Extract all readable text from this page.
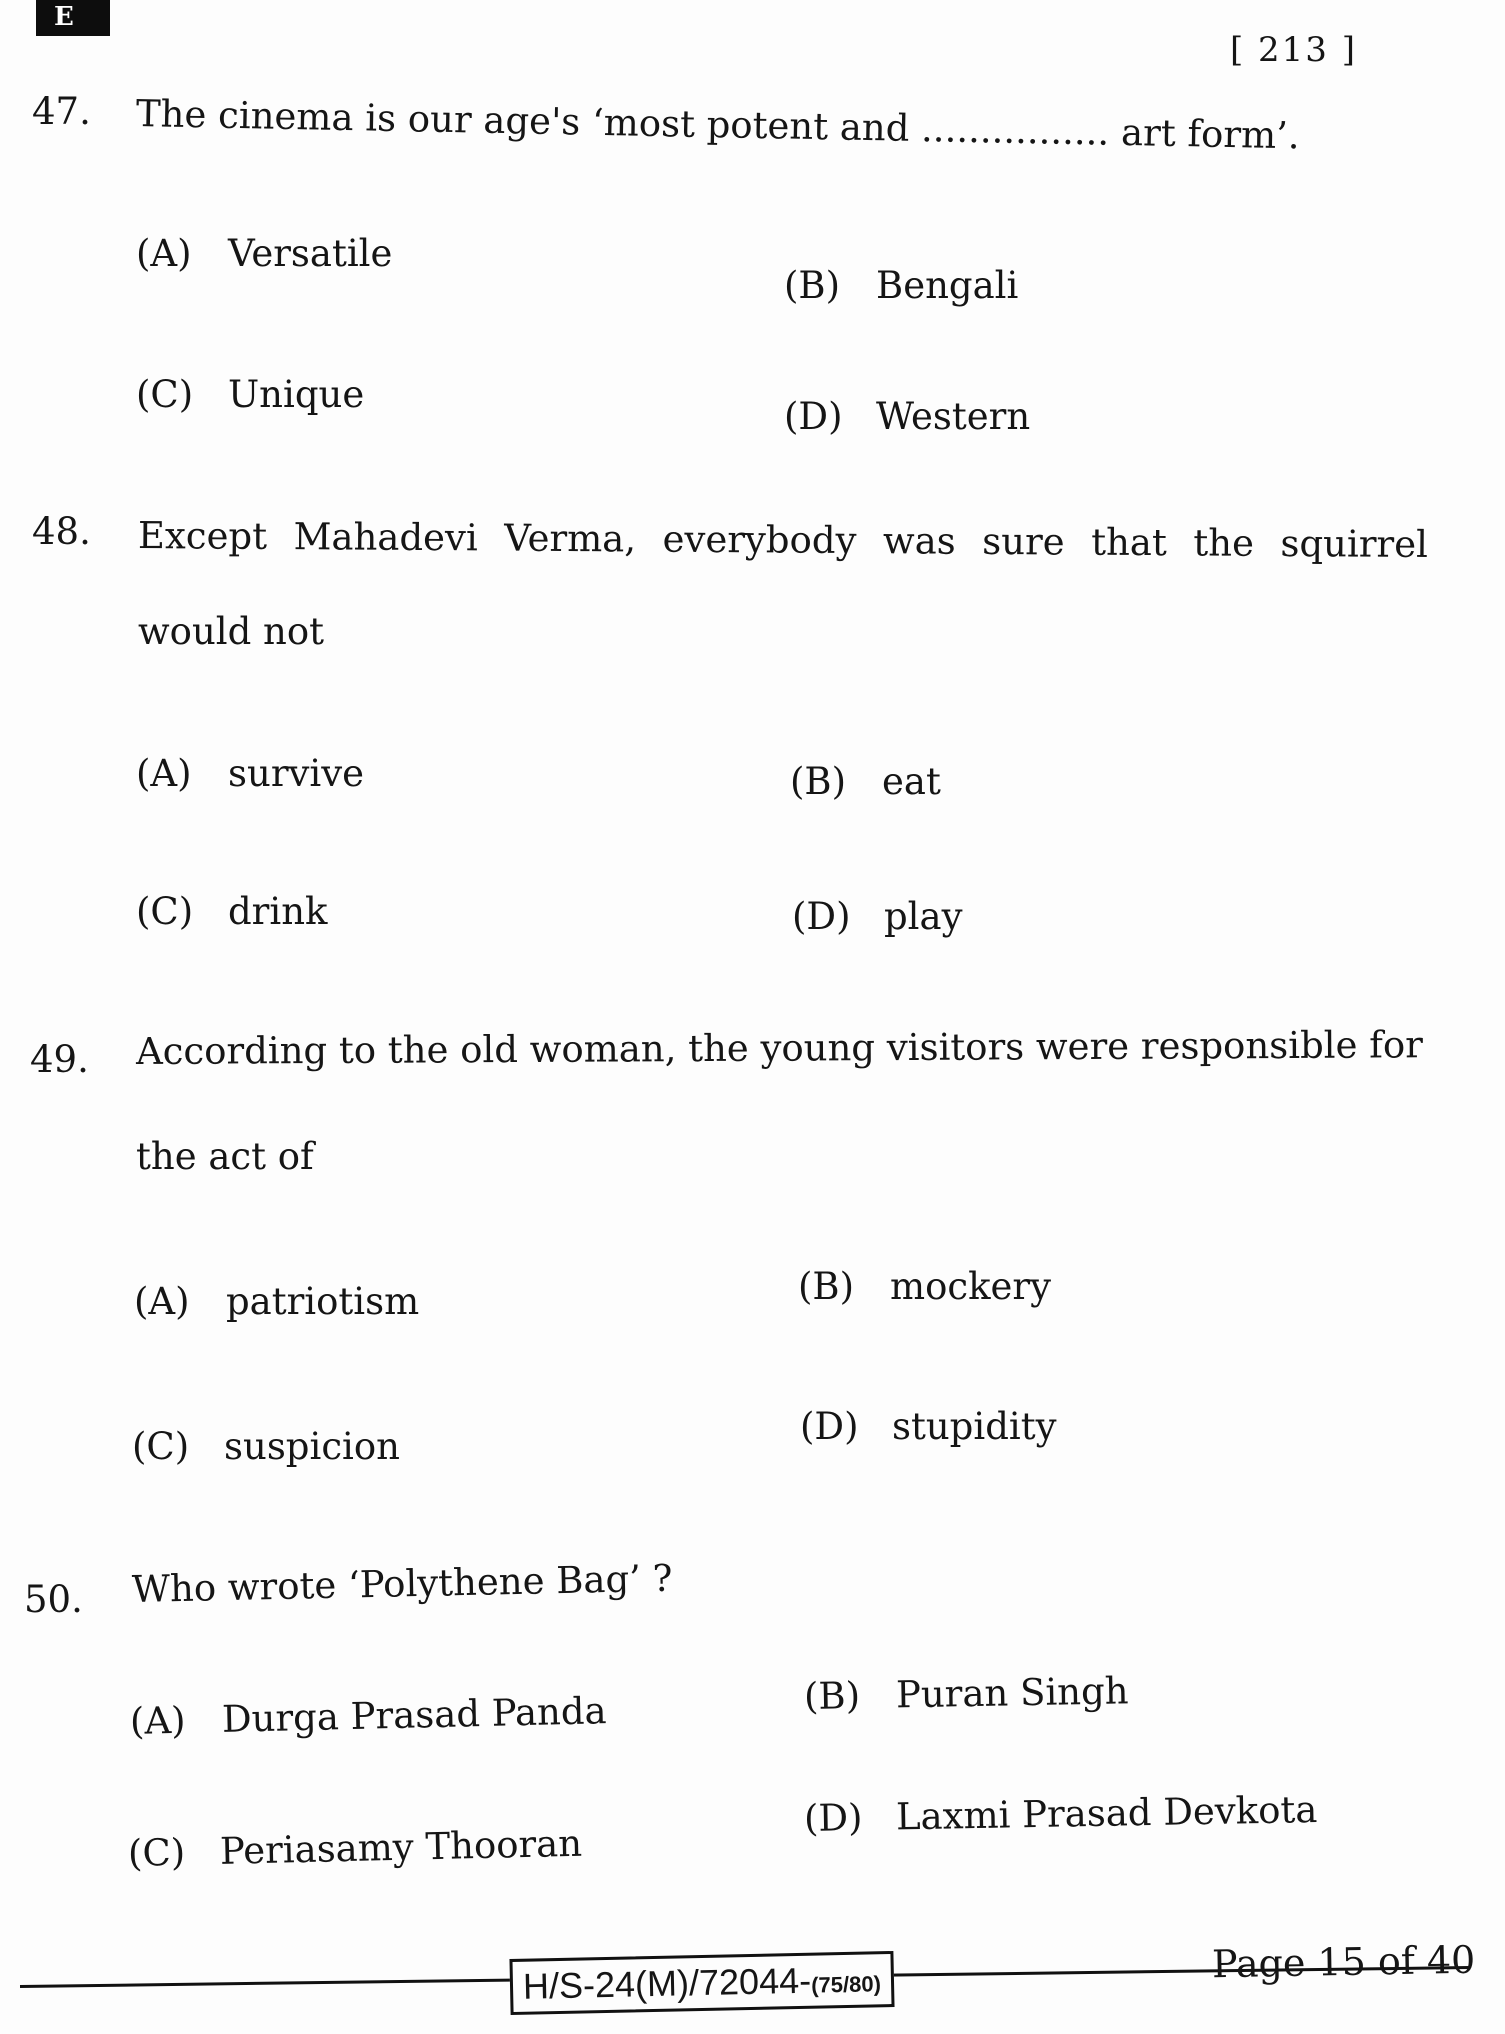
E
[ 213 ]
47. The cinema is our age's ‘most potent and ................ art form’.
(A) Versatile
(B) Bengali
(C) Unique
(D) Western
48. Except Mahadevi Verma, everybody was sure that the squirrel
would not
(A) survive	(B) eat
(C) drink	(D) play
49. According to the old woman, the young visitors were responsible for
the act of
(A) patriotism	(B) mockery
(C) suspicion	(D) stupidity
50. Who wrote ‘Polythene Bag’ ?
(A) Durga Prasad Panda	(B) Puran Singh
(C) Periasamy Thooran
(D) Laxmi Prasad Devkota
H/S-24(M)/72044-(75/80)	Page 15 of 40
